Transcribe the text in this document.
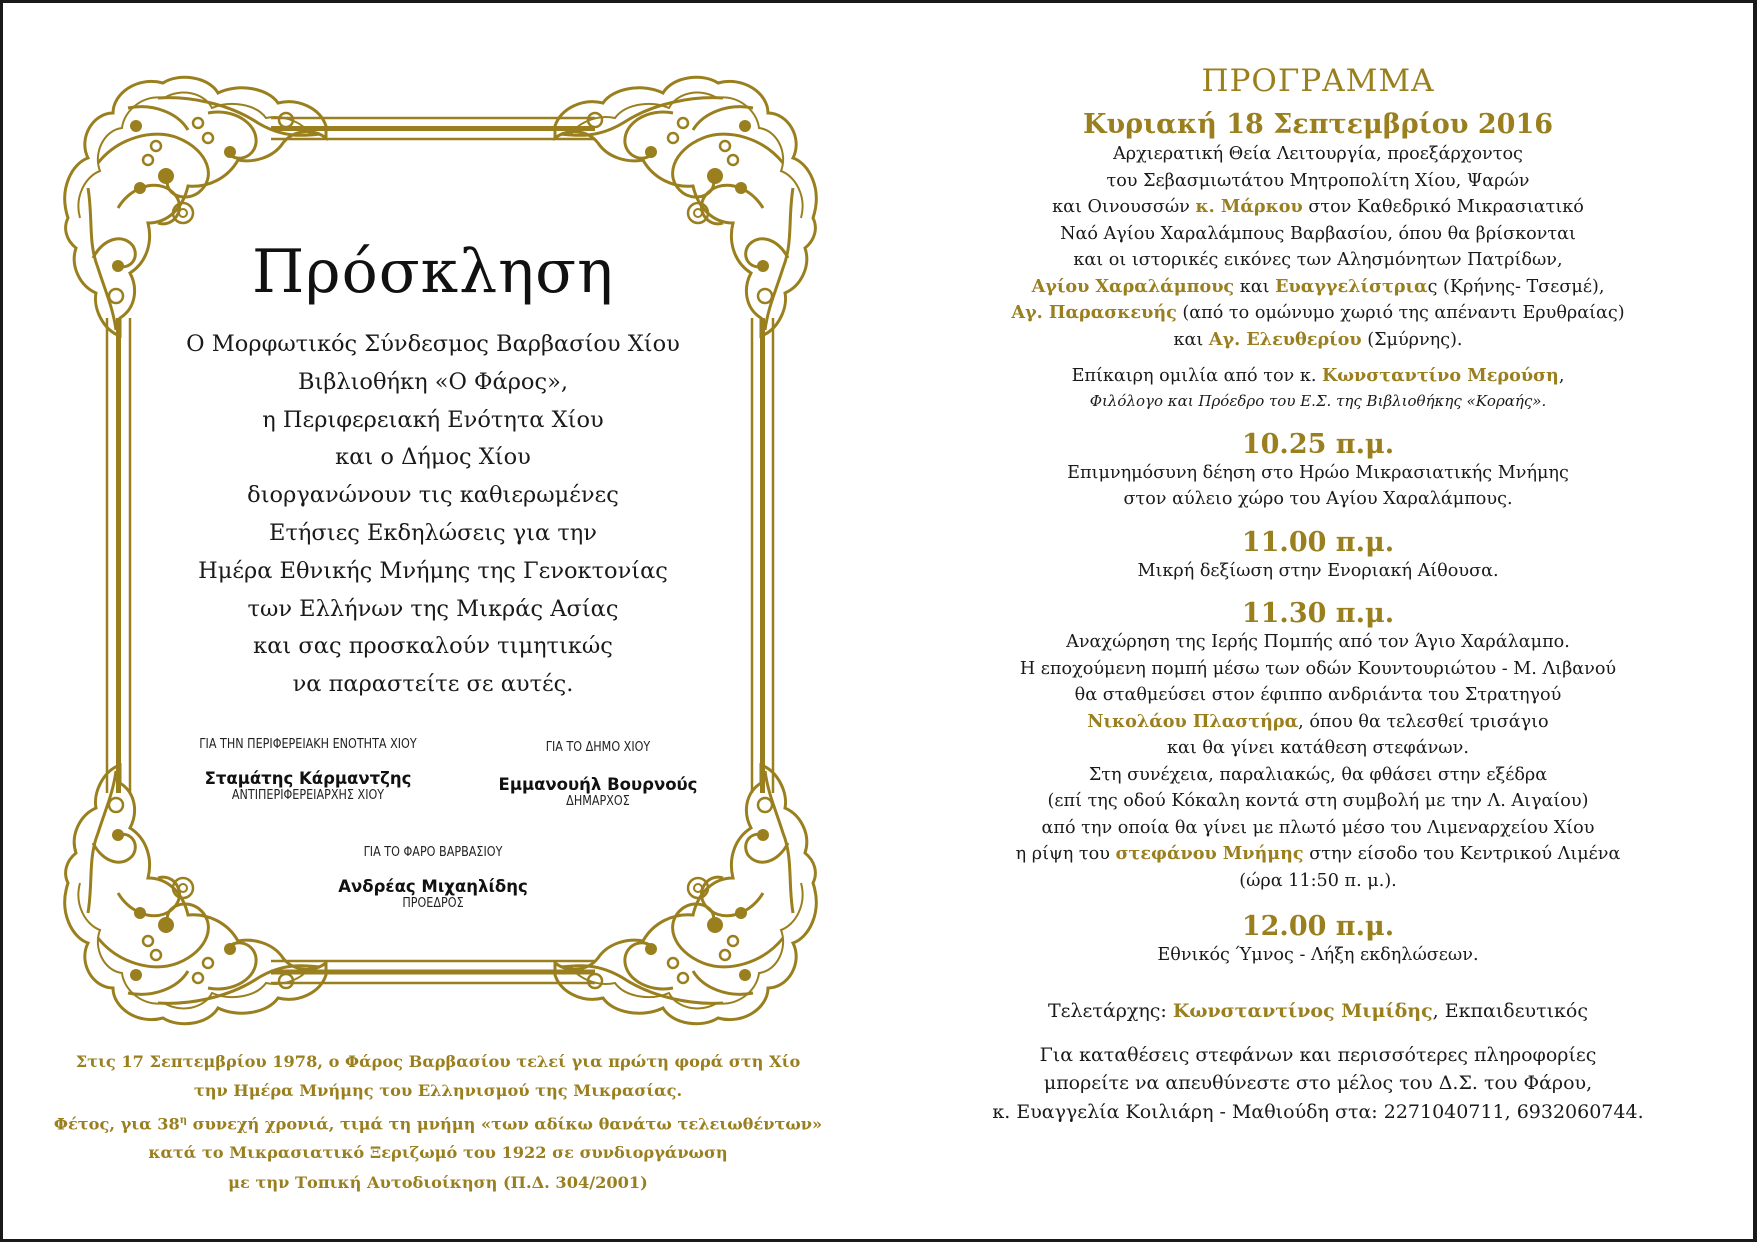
Πρόσκληση
Ο Μορφωτικός Σύνδεσμος Βαρβασίου Χίου
Βιβλιοθήκη «Ο Φάρος»,
η Περιφερειακή Ενότητα Χίου
και ο Δήμος Χίου
διοργανώνουν τις καθιερωμένες
Ετήσιες Εκδηλώσεις για την
Ημέρα Εθνικής Μνήμης της Γενοκτονίας
των Ελλήνων της Μικράς Ασίας
και σας προσκαλούν τιμητικώς
να παραστείτε σε αυτές.
ΓΙΑ ΤΗΝ ΠΕΡΙΦΕΡΕΙΑΚΗ ΕΝΟΤΗΤΑ ΧΙΟΥ
Σταμάτης Κάρμαντζης
ΑΝΤΙΠΕΡΙΦΕΡΕΙΑΡΧΗΣ ΧΙΟΥ
ΓΙΑ ΤΟ ΔΗΜΟ ΧΙΟΥ
Εμμανουήλ Βουρνούς
ΔΗΜΑΡΧΟΣ
ΓΙΑ ΤΟ ΦΑΡΟ ΒΑΡΒΑΣΙΟΥ
Ανδρέας Μιχαηλίδης
ΠΡΟΕΔΡΟΣ
Στις 17 Σεπτεμβρίου 1978, ο Φάρος Βαρβασίου τελεί για πρώτη φορά στη Χίο
την Ημέρα Μνήμης του Ελληνισμού της Μικρασίας.
Φέτος, για $38^\eta$ συνεχή χρονιά, τιμά τη μνήμη «των αδίκω θανάτω τελειωθέντων»
κατά το Μικρασιατικό Ξεριζωμό του 1922 σε συνδιοργάνωση
με την Τοπική Αυτοδιοίκηση (Π.Δ. 304/2001)
ΠΡΟΓΡΑΜΜΑ
Κυριακή 18 Σεπτεμβρίου 2016
Αρχιερατική Θεία Λειτουργία, προεξάρχοντος
του Σεβασμιωτάτου Μητροπολίτη Χίου, Ψαρών
και Οινουσσών κ. Μάρκου στον Καθεδρικό Μικρασιατικό
Ναό Αγίου Χαραλάμπους Βαρβασίου, όπου θα βρίσκονται
και οι ιστορικές εικόνες των Αλησμόνητων Πατρίδων,
Αγίου Χαραλάμπους και Ευαγγελίστριας (Κρήνης- Τσεσμέ),
Αγ. Παρασκευής (από το ομώνυμο χωριό της απέναντι Ερυθραίας)
και Αγ. Ελευθερίου (Σμύρνης).
Επίκαιρη ομιλία από τον κ. Κωνσταντίνο Μερούση,
Φιλόλογο και Πρόεδρο του Ε.Σ. της Βιβλιοθήκης «Κοραής».
10.25 π.μ.
Επιμνημόσυνη δέηση στο Ηρώο Μικρασιατικής Μνήμης
στον αύλειο χώρο του Αγίου Χαραλάμπους.
11.00 π.μ.
Μικρή δεξίωση στην Ενοριακή Αίθουσα.
11.30 π.μ.
Αναχώρηση της Ιερής Πομπής από τον Άγιο Χαράλαμπο.
Η εποχούμενη πομπή μέσω των οδών Κουντουριώτου - Μ. Λιβανού
θα σταθμεύσει στον έφιππο ανδριάντα του Στρατηγού
Νικολάου Πλαστήρα, όπου θα τελεσθεί τρισάγιο
και θα γίνει κατάθεση στεφάνων.
Στη συνέχεια, παραλιακώς, θα φθάσει στην εξέδρα
(επί της οδού Κόκαλη κοντά στη συμβολή με την Λ. Αιγαίου)
από την οποία θα γίνει με πλωτό μέσο του Λιμεναρχείου Χίου
η ρίψη του στεφάνου Μνήμης στην είσοδο του Κεντρικού Λιμένα
(ώρα 11:50 π. μ.).
12.00 π.μ.
Εθνικός Ύμνος - Λήξη εκδηλώσεων.
Τελετάρχης: Κωνσταντίνος Μιμίδης, Εκπαιδευτικός
Για καταθέσεις στεφάνων και περισσότερες πληροφορίες
μπορείτε να απευθύνεστε στο μέλος του Δ.Σ. του Φάρου,
κ. Ευαγγελία Κοιλιάρη - Μαθιούδη στα: 2271040711, 6932060744.
